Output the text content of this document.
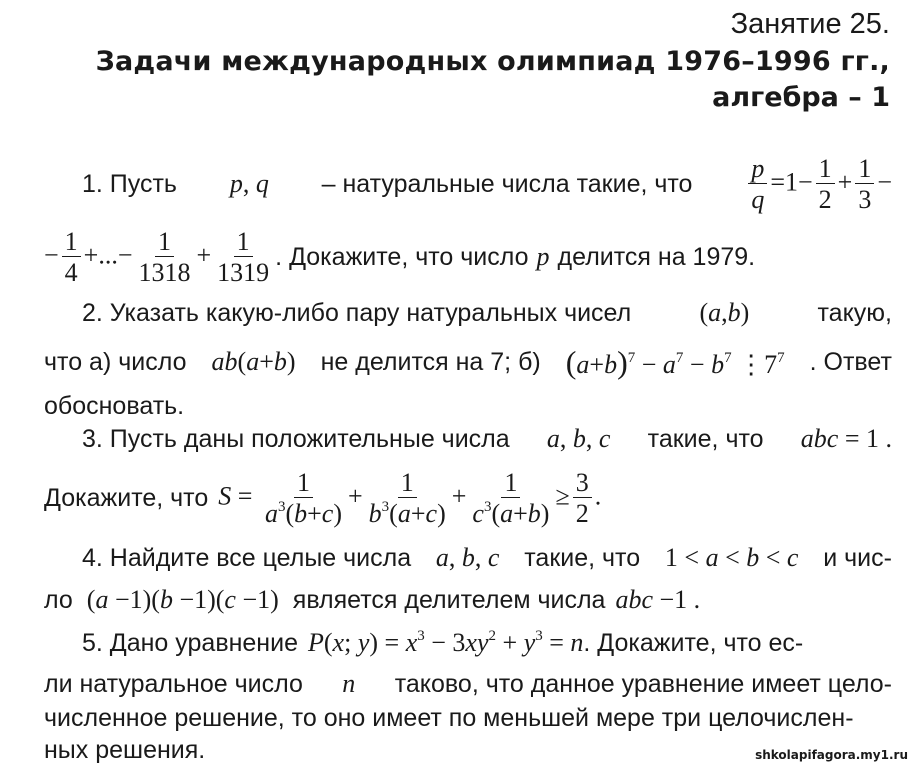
Занятие 25.
Задачи международных олимпиад 1976–1996 гг.,
алгебра – 1
1. Пусть p, q – натуральные числа такие, что $\frac{p}{q} =1- \frac{1}{2} + \frac{1}{3}$ −
− $\frac{1}{4}$ +...− $\frac{1}{1318} + \frac{1}{1319}$ . Докажите, что число p делится на 1979.
2. Указать какую-либо пару натуральных чисел	(a,b)	такую,
что а) число ab(a+b) не делится на 7; б) $(a+b)^7 - a^7 - b^7$ $⋮7^7$ . Ответ
обосновать.
3. Пусть даны положительные числа a, b, c такие, что abc = 1 .
Докажите, что $S = \frac{1}{a^3(b+c)} + \frac{1}{b^3(a+c)} + \frac{1}{c^3(a+b)} \ge \frac{3}{2}$ .
4. Найдите все целые числа a, b, c такие, что 1 < a < b < c и чис-
ло (a −1)(b −1)(c −1) является делителем числа abc −1 .
5. Дано уравнение P(x; $y) = x^3 - 3xy^2 + y^3 = n$ . Докажите, что ес-
ли натуральное число n таково, что данное уравнение имеет цело-
численное решение, то оно имеет по меньшей мере три целочислен-
ных решения.	shkolapifagora.my1.ru
